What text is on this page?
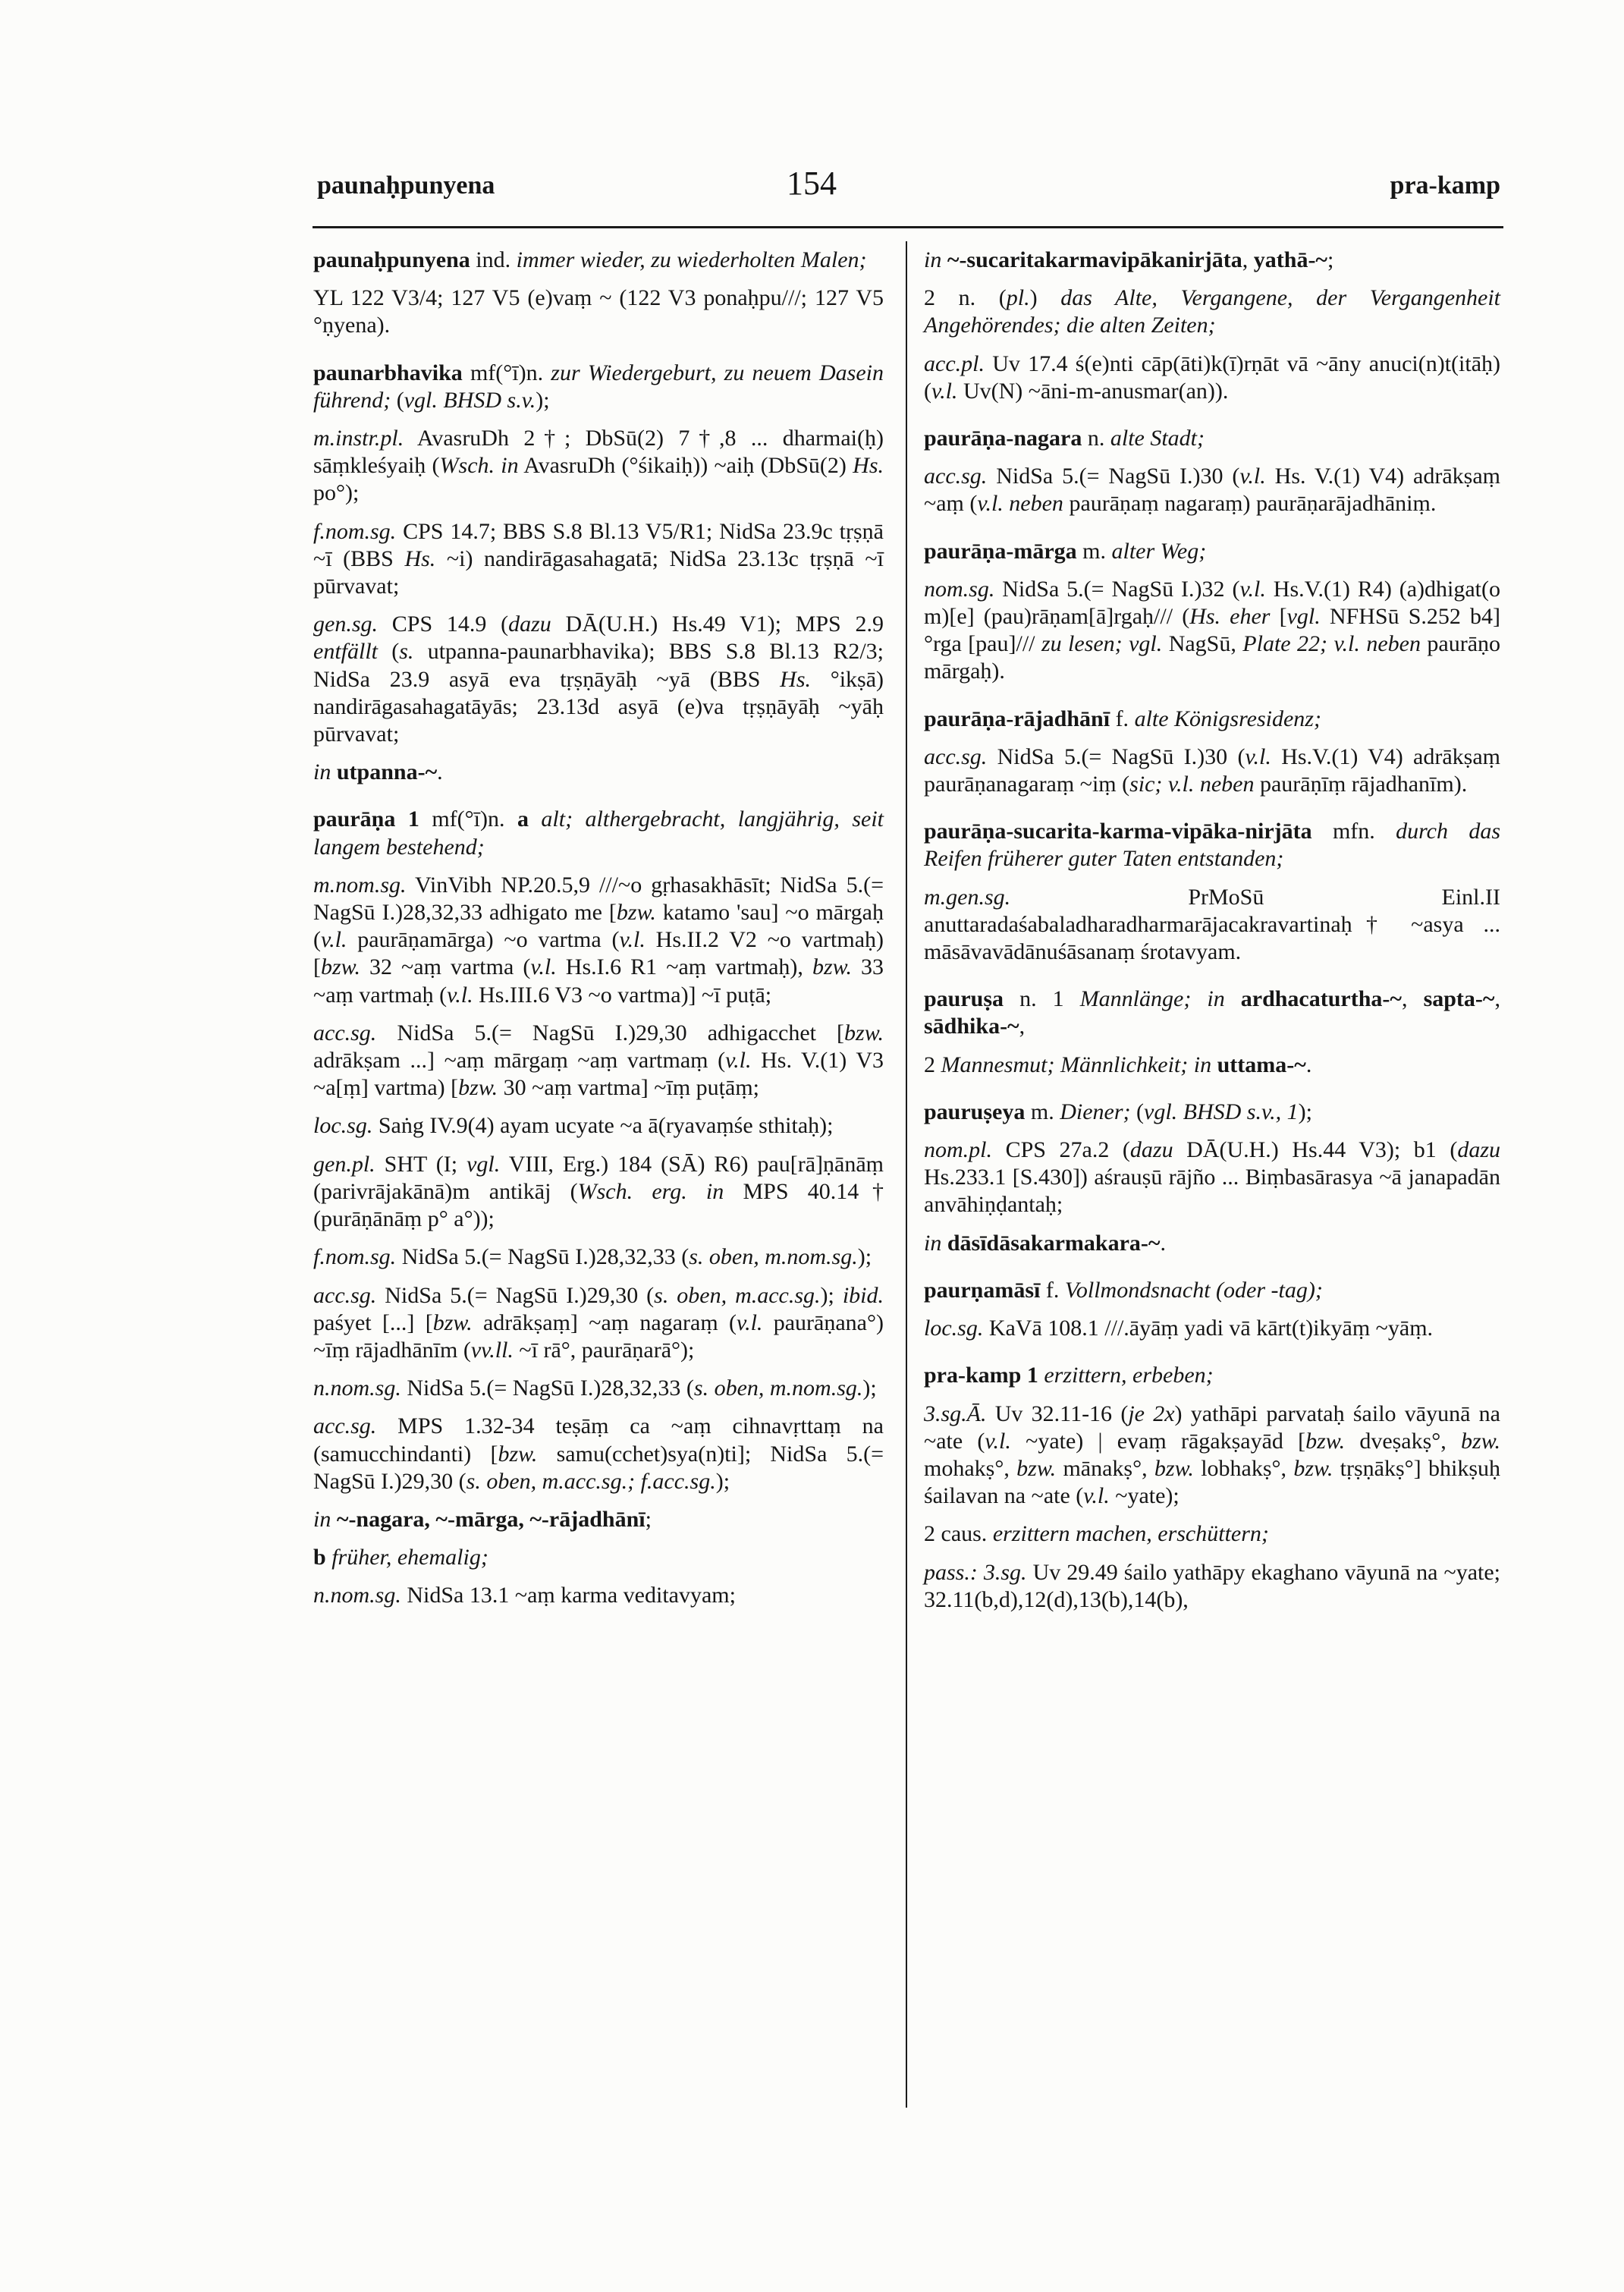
paunaḥpunyena	154	pra-kamp

paunaḥpunyena ind. immer wieder, zu wiederholten Malen;

YL 122 V3/4; 127 V5 (e)vaṃ ~ (122 V3 ponaḥpu///; 127 V5 °ṇyena).

paunarbhavika mf(°ī)n. zur Wiedergeburt, zu neuem Dasein führend; (vgl. BHSD s.v.);

m.instr.pl. AvasruDh 2†; DbSū(2) 7†,8 ... dharmai(ḥ) sāṃkleśyaiḥ (Wsch. in AvasruDh (°śikaiḥ)) ~aiḥ (DbSū(2) Hs. po°);

f.nom.sg. CPS 14.7; BBS S.8 Bl.13 V5/R1; NidSa 23.9c tṛṣṇā ~ī (BBS Hs. ~i) nandirāgasahagatā; NidSa 23.13c tṛṣṇā ~ī pūrvavat;

gen.sg. CPS 14.9 (dazu DĀ(U.H.) Hs.49 V1); MPS 2.9 entfällt (s. utpanna-paunarbhavika); BBS S.8 Bl.13 R2/3; NidSa 23.9 asyā eva tṛṣṇāyāḥ ~yā (BBS Hs. °ikṣā) nandirāgasahagatāyās; 23.13d asyā (e)va tṛṣṇāyāḥ ~yāḥ pūrvavat;

in utpanna-~.

paurāṇa 1 mf(°ī)n. a alt; althergebracht, langjährig, seit langem bestehend;

m.nom.sg. VinVibh NP.20.5,9 ///~o gṛhasakhāsīt; NidSa 5.(= NagSū I.)28,32,33 adhigato me [bzw. katamo 'sau] ~o mārgaḥ (v.l. paurāṇamārga) ~o vartma (v.l. Hs.II.2 V2 ~o vartmaḥ) [bzw. 32 ~aṃ vartma (v.l. Hs.I.6 R1 ~aṃ vartmaḥ), bzw. 33 ~aṃ vartmaḥ (v.l. Hs.III.6 V3 ~o vartma)] ~ī puṭā;

acc.sg. NidSa 5.(= NagSū I.)29,30 adhigacchet [bzw. adrākṣam ...] ~aṃ mārgaṃ ~aṃ vartmaṃ (v.l. Hs. V.(1) V3 ~a[ṃ] vartma) [bzw. 30 ~aṃ vartma] ~īṃ puṭāṃ;

loc.sg. Saṅg IV.9(4) ayam ucyate ~a ā(ryavaṃśe sthitaḥ);

gen.pl. SHT (I; vgl. VIII, Erg.) 184 (SĀ) R6) pau[rā]ṇānāṃ (parivrājakānā)m antikāj (Wsch. erg. in MPS 40.14† (purāṇānāṃ p° a°));

f.nom.sg. NidSa 5.(= NagSū I.)28,32,33 (s. oben, m.nom.sg.);

acc.sg. NidSa 5.(= NagSū I.)29,30 (s. oben, m.acc.sg.); ibid. paśyet [...] [bzw. adrākṣaṃ] ~aṃ nagaraṃ (v.l. paurāṇana°) ~īṃ rājadhānīm (vv.ll. ~ī rā°, paurāṇarā°);

n.nom.sg. NidSa 5.(= NagSū I.)28,32,33 (s. oben, m.nom.sg.);

acc.sg. MPS 1.32-34 teṣāṃ ca ~aṃ cihnavṛttaṃ na (samucchindanti) [bzw. samu(cchet)sya(n)ti]; NidSa 5.(= NagSū I.)29,30 (s. oben, m.acc.sg.; f.acc.sg.);

in ~-nagara, ~-mārga, ~-rājadhānī;

b früher, ehemalig;

n.nom.sg. NidSa 13.1 ~aṃ karma veditavyam;

in ~-sucaritakarmavipākanirjāta, yathā-~;

2 n. (pl.) das Alte, Vergangene, der Vergangenheit Angehörendes; die alten Zeiten;

acc.pl. Uv 17.4 ś(e)nti cāp(āti)k(ī)rṇāt vā ~āny anuci(n)t(itāḥ) (v.l. Uv(N) ~āni-m-anusmar(an)).

paurāṇa-nagara n. alte Stadt;

acc.sg. NidSa 5.(= NagSū I.)30 (v.l. Hs. V.(1) V4) adrākṣaṃ ~aṃ (v.l. neben paurāṇaṃ nagaraṃ) paurāṇarājadhāniṃ.

paurāṇa-mārga m. alter Weg;

nom.sg. NidSa 5.(= NagSū I.)32 (v.l. Hs.V.(1) R4) (a)dhigat(o m)[e] (pau)rāṇam[ā]rgaḥ/// (Hs. eher [vgl. NFHSū S.252 b4] °rga [pau]/// zu lesen; vgl. NagSū, Plate 22; v.l. neben paurāṇo mārgaḥ).

paurāṇa-rājadhānī f. alte Königsresidenz;

acc.sg. NidSa 5.(= NagSū I.)30 (v.l. Hs.V.(1) V4) adrākṣaṃ paurāṇanagaraṃ ~iṃ (sic; v.l. neben paurāṇīṃ rājadhanīm).

paurāṇa-sucarita-karma-vipāka-nirjāta mfn. durch das Reifen früherer guter Taten entstanden;

m.gen.sg. PrMoSū Einl.II anuttaradaśabaladharadharmarājacakravartinaḥ† ~asya ... māsāvavādānuśāsanaṃ śrotavyam.

pauruṣa n. 1 Mannlänge; in ardhacaturtha-~, sapta-~, sādhika-~,

2 Mannesmut; Männlichkeit; in uttama-~.

pauruṣeya m. Diener; (vgl. BHSD s.v., 1);

nom.pl. CPS 27a.2 (dazu DĀ(U.H.) Hs.44 V3); b1 (dazu Hs.233.1 [S.430]) aśrauṣū rājño ... Biṃbasārasya ~ā janapadān anvāhiṇḍantaḥ;

in dāsīdāsakarmakara-~.

paurṇamāsī f. Vollmondsnacht (oder -tag);

loc.sg. KaVā 108.1 ///.āyāṃ yadi vā kārt(t)ikyāṃ ~yāṃ.

pra-kamp 1 erzittern, erbeben;

3.sg.Ā. Uv 32.11-16 (je 2x) yathāpi parvataḥ śailo vāyunā na ~ate (v.l. ~yate) | evaṃ rāgakṣayād [bzw. dveṣakṣ°, bzw. mohakṣ°, bzw. mānakṣ°, bzw. lobhakṣ°, bzw. tṛṣṇākṣ°] bhikṣuḥ śailavan na ~ate (v.l. ~yate);

2 caus. erzittern machen, erschüttern;

pass.: 3.sg. Uv 29.49 śailo yathāpy ekaghano vāyunā na ~yate; 32.11(b,d),12(d),13(b),14(b),
